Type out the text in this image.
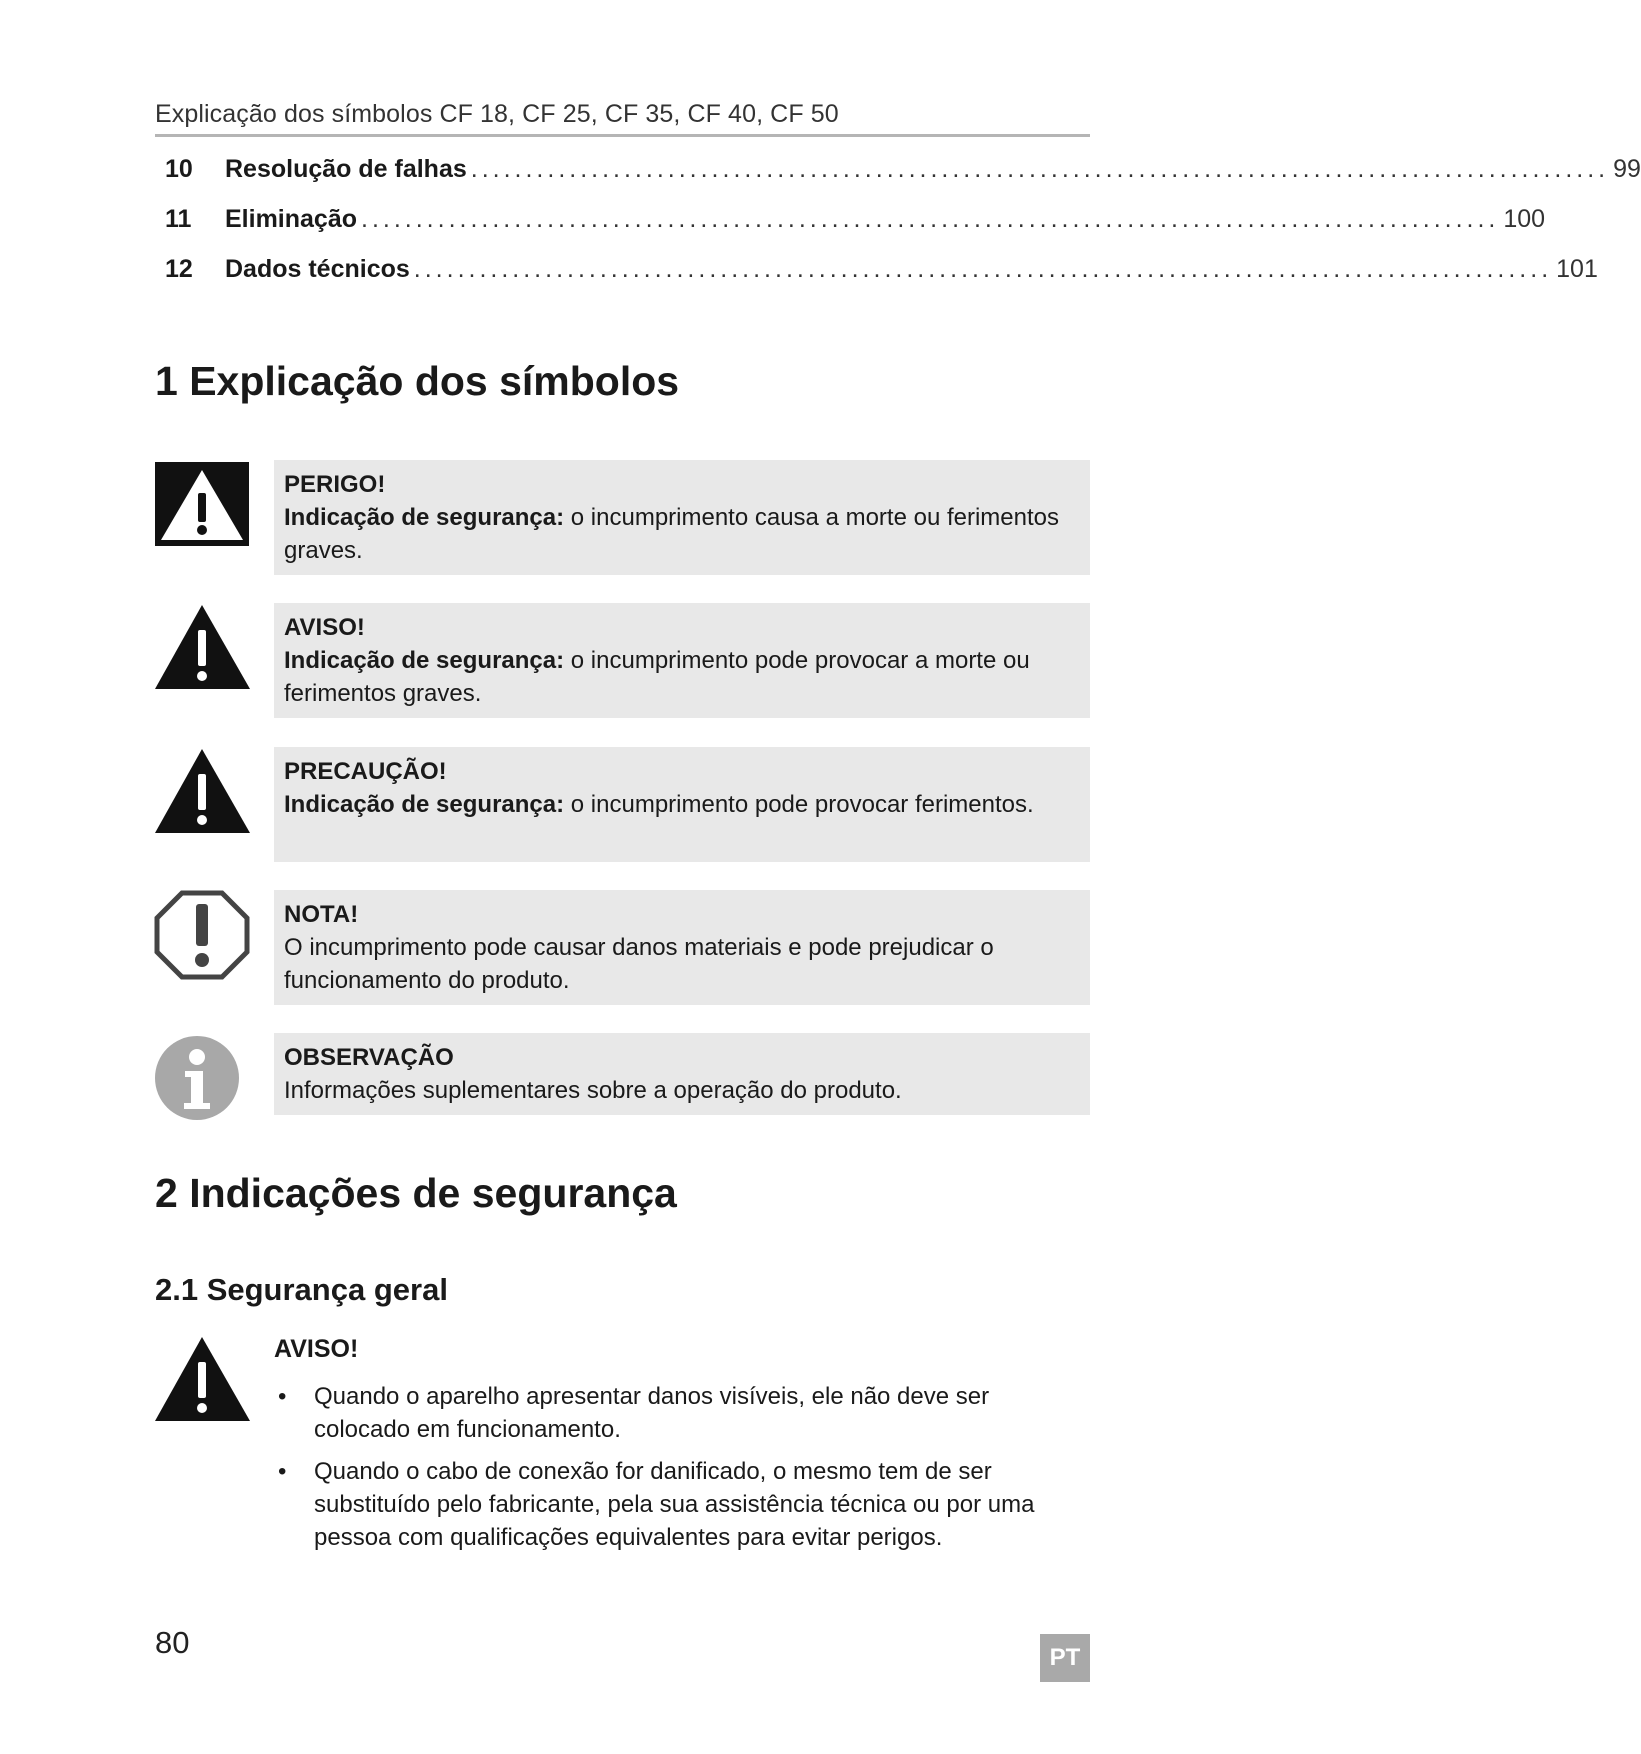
Explicação dos símbolos CF 18, CF 25, CF 35, CF 40, CF 50
10	Resolução de falhas ........................................................................................................ 99
11	Eliminação ........................................................................................................ 100
12	Dados técnicos ........................................................................................................ 101
1 Explicação dos símbolos
PERIGO!
Indicação de segurança: o incumprimento causa a morte ou ferimentos graves.
AVISO!
Indicação de segurança: o incumprimento pode provocar a morte ou ferimentos graves.
PRECAUÇÃO!
Indicação de segurança: o incumprimento pode provocar ferimentos.
NOTA!
O incumprimento pode causar danos materiais e pode prejudicar o funcionamento do produto.
OBSERVAÇÃO
Informações suplementares sobre a operação do produto.
2 Indicações de segurança
2.1 Segurança geral
AVISO!
• Quando o aparelho apresentar danos visíveis, ele não deve ser colocado em funcionamento.
• Quando o cabo de conexão for danificado, o mesmo tem de ser substituído pelo fabricante, pela sua assistência técnica ou por uma pessoa com qualificações equivalentes para evitar perigos.
80	PT
